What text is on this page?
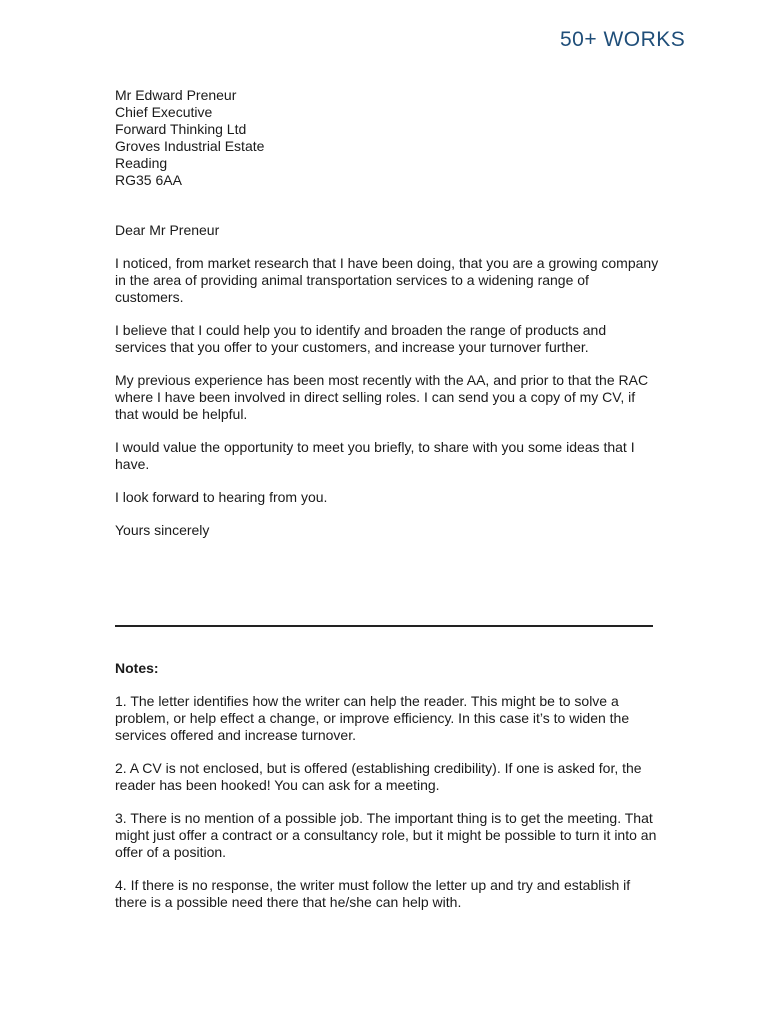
50+ WORKS
Mr Edward Preneur
Chief Executive
Forward Thinking Ltd
Groves Industrial Estate
Reading
RG35 6AA
Dear Mr Preneur
I noticed, from market research that I have been doing, that you are a growing company in the area of providing animal transportation services to a widening range of customers.
I believe that I could help you to identify and broaden the range of products and services that you offer to your customers, and increase your turnover further.
My previous experience has been most recently with the AA, and prior to that the RAC where I have been involved in direct selling roles. I can send you a copy of my CV, if that would be helpful.
I would value the opportunity to meet you briefly, to share with you some ideas that I have.
I look forward to hearing from you.
Yours sincerely
Notes:
1. The letter identifies how the writer can help the reader. This might be to solve a problem, or help effect a change, or improve efficiency. In this case it’s to widen the services offered and increase turnover.
2. A CV is not enclosed, but is offered (establishing credibility). If one is asked for, the reader has been hooked! You can ask for a meeting.
3. There is no mention of a possible job. The important thing is to get the meeting. That might just offer a contract or a consultancy role, but it might be possible to turn it into an offer of a position.
4. If there is no response, the writer must follow the letter up and try and establish if there is a possible need there that he/she can help with.
